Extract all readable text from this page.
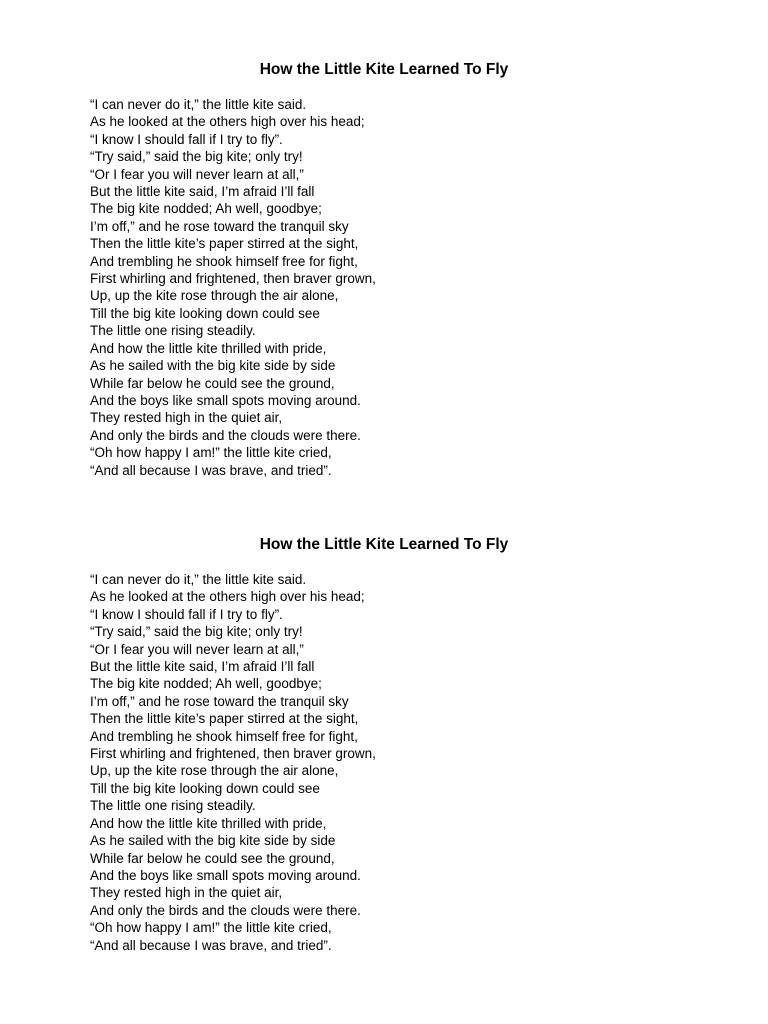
How the Little Kite Learned To Fly
“I can never do it,” the little kite said.
As he looked at the others high over his head;
“I know I should fall if I try to fly”.
“Try said,” said the big kite; only try!
“Or I fear you will never learn at all,”
But the little kite said, I’m afraid I’ll fall
The big kite nodded; Ah well, goodbye;
I’m off,” and he rose toward the tranquil sky
Then the little kite’s paper stirred at the sight,
And trembling he shook himself free for fight,
First whirling and frightened, then braver grown,
Up, up the kite rose through the air alone,
Till the big kite looking down could see
The little one rising steadily.
And how the little kite thrilled with pride,
As he sailed with the big kite side by side
While far below he could see the ground,
And the boys like small spots moving around.
They rested high in the quiet air,
And only the birds and the clouds were there.
“Oh how happy I am!” the little kite cried,
“And all because I was brave, and tried”.
How the Little Kite Learned To Fly
“I can never do it,” the little kite said.
As he looked at the others high over his head;
“I know I should fall if I try to fly”.
“Try said,” said the big kite; only try!
“Or I fear you will never learn at all,”
But the little kite said, I’m afraid I’ll fall
The big kite nodded; Ah well, goodbye;
I’m off,” and he rose toward the tranquil sky
Then the little kite’s paper stirred at the sight,
And trembling he shook himself free for fight,
First whirling and frightened, then braver grown,
Up, up the kite rose through the air alone,
Till the big kite looking down could see
The little one rising steadily.
And how the little kite thrilled with pride,
As he sailed with the big kite side by side
While far below he could see the ground,
And the boys like small spots moving around.
They rested high in the quiet air,
And only the birds and the clouds were there.
“Oh how happy I am!” the little kite cried,
“And all because I was brave, and tried”.
